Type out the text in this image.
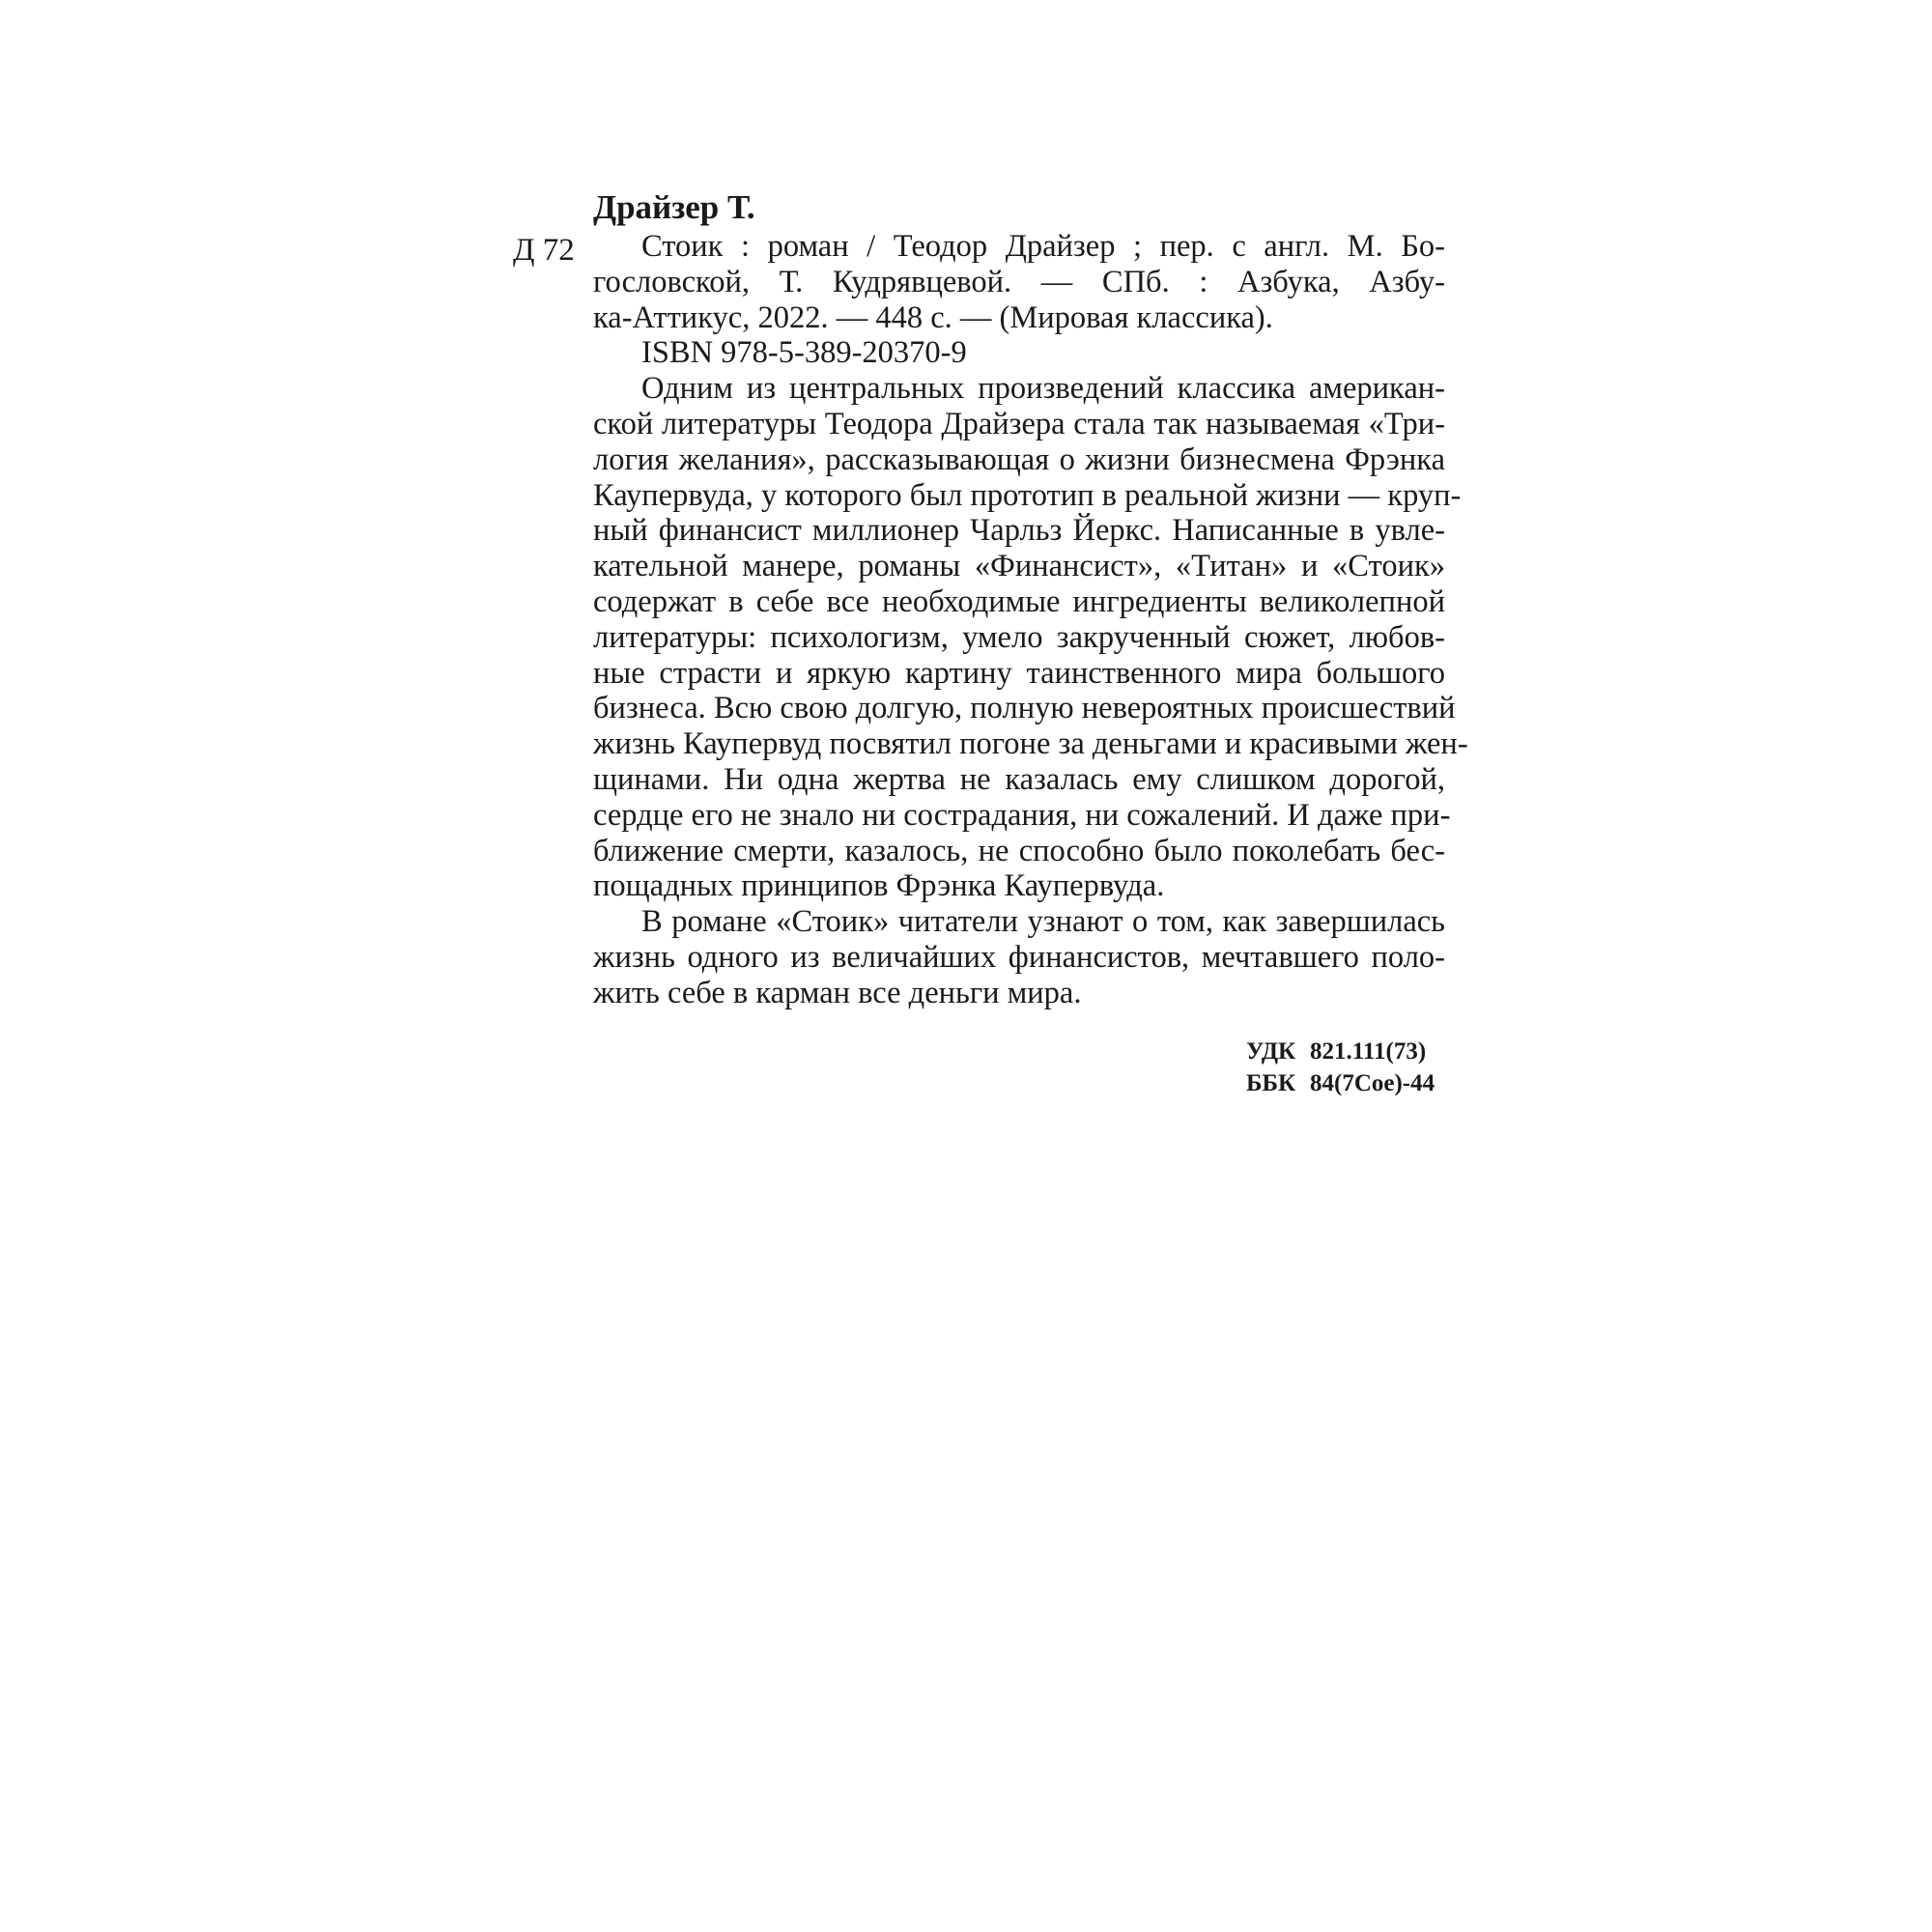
Драйзер Т.
Д 72	Стоик : роман / Теодор Драйзер ; пер. с англ. М. Бо-
гословской, Т. Кудрявцевой. — СПб. : Азбука, Азбу-
ка-Аттикус, 2022. — 448 с. — (Мировая классика).
ISBN 978-5-389-20370-9
Одним из центральных произведений классика американ-
ской литературы Теодора Драйзера стала так называемая «Три-
логия желания», рассказывающая о жизни бизнесмена Фрэнка
Каупервуда, у которого был прототип в реальной жизни — круп-
ный финансист миллионер Чарльз Йеркс. Написанные в увле-
кательной манере, романы «Финансист», «Титан» и «Стоик»
содержат в себе все необходимые ингредиенты великолепной
литературы: психологизм, умело закрученный сюжет, любов-
ные страсти и яркую картину таинственного мира большого
бизнеса. Всю свою долгую, полную невероятных происшествий
жизнь Каупервуд посвятил погоне за деньгами и красивыми жен-
щинами. Ни одна жертва не казалась ему слишком дорогой,
сердце его не знало ни сострадания, ни сожалений. И даже при-
ближение смерти, казалось, не способно было поколебать бес-
пощадных принципов Фрэнка Каупервуда.
В романе «Стоик» читатели узнают о том, как завершилась
жизнь одного из величайших финансистов, мечтавшего поло-
жить себе в карман все деньги мира.
УДК 821.111(73)
ББК 84(7Сое)-44
